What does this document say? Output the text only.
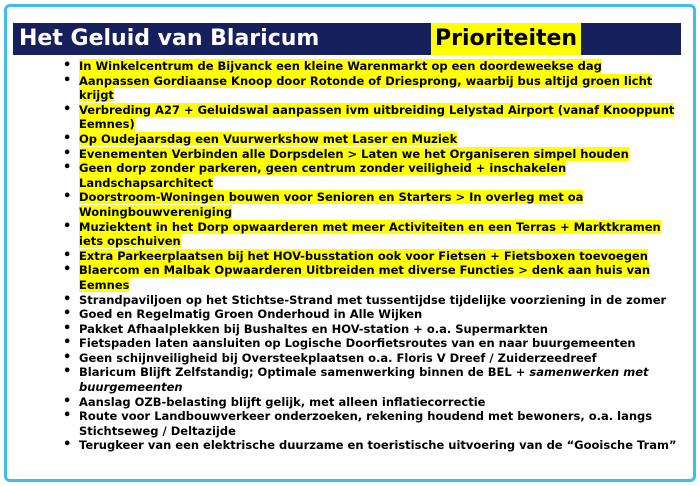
Het Geluid van Blaricum	Prioriteiten
• In Winkelcentrum de Bijvanck een kleine Warenmarkt op een doordeweekse dag
• Aanpassen Gordiaanse Knoop door Rotonde of Driesprong, waarbij bus altijd groen licht krijgt
• Verbreding A27 + Geluidswal aanpassen ivm uitbreiding Lelystad Airport (vanaf Knooppunt Eemnes)
• Op Oudejaarsdag een Vuurwerkshow met Laser en Muziek
• Evenementen Verbinden alle Dorpsdelen > Laten we het Organiseren simpel houden
• Geen dorp zonder parkeren, geen centrum zonder veiligheid + inschakelen Landschapsarchitect
• Doorstroom-Woningen bouwen voor Senioren en Starters > In overleg met oa Woningbouwvereniging
• Muziektent in het Dorp opwaarderen met meer Activiteiten en een Terras + Marktkramen iets opschuiven
• Extra Parkeerplaatsen bij het HOV-busstation ook voor Fietsen + Fietsboxen toevoegen
• Blaercom en Malbak Opwaarderen Uitbreiden met diverse Functies > denk aan huis van Eemnes
• Strandpaviljoen op het Stichtse-Strand met tussentijdse tijdelijke voorziening in de zomer
• Goed en Regelmatig Groen Onderhoud in Alle Wijken
• Pakket Afhaalplekken bij Bushaltes en HOV-station + o.a. Supermarkten
• Fietspaden laten aansluiten op Logische Doorfietsroutes van en naar buurgemeenten
• Geen schijnveiligheid bij Oversteekplaatsen o.a. Floris V Dreef / Zuiderzeedreef
• Blaricum Blijft Zelfstandig; Optimale samenwerking binnen de BEL + samenwerken met buurgemeenten
• Aanslag OZB-belasting blijft gelijk, met alleen inflatiecorrectie
• Route voor Landbouwverkeer onderzoeken, rekening houdend met bewoners, o.a. langs Stichtseweg / Deltazijde
• Terugkeer van een elektrische duurzame en toeristische uitvoering van de “Gooische Tram”
